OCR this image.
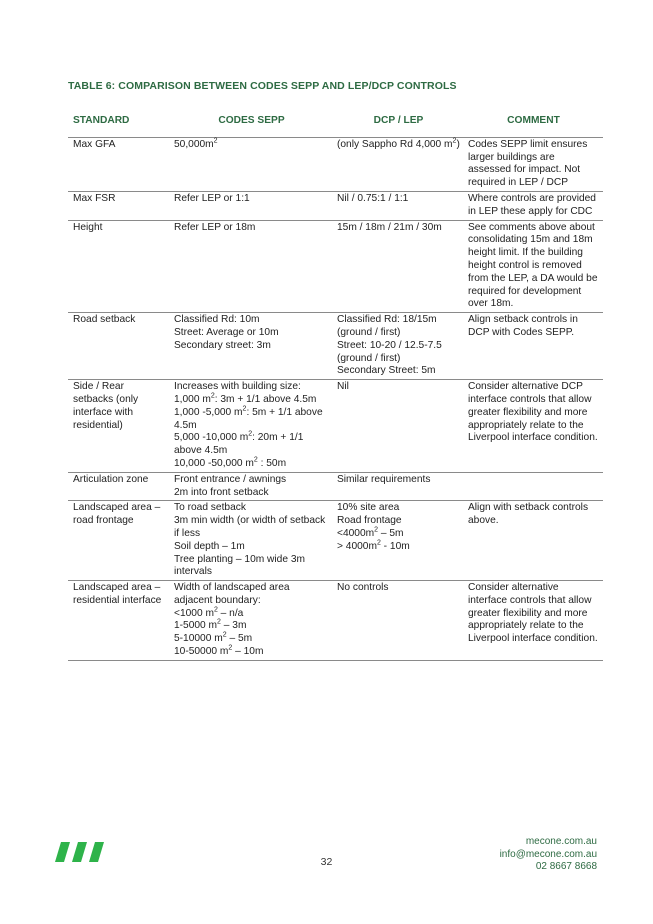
TABLE 6: COMPARISON BETWEEN CODES SEPP AND LEP/DCP CONTROLS
STANDARD	CODES SEPP	DCP / LEP	COMMENT
Max GFA	$50,000m^2$	(only Sappho Rd 4,000 $m^2$)	Codes SEPP limit ensures larger buildings are assessed for impact. Not required in LEP / DCP
Max FSR	Refer LEP or 1:1	Nil / 0.75:1 / 1:1	Where controls are provided in LEP these apply for CDC
Height	Refer LEP or 18m	15m / 18m / 21m / 30m	See comments above about consolidating 15m and 18m height limit. If the building height control is removed from the LEP, a DA would be required for development over 18m.
Road setback	Classified Rd: 10m
Street: Average or 10m
Secondary street: 3m	Classified Rd: 18/15m (ground / first)
Street: 10-20 / 12.5-7.5 (ground / first)
Secondary Street: 5m	Align setback controls in DCP with Codes SEPP.
Side / Rear setbacks (only interface with residential)	Increases with building size:
1,000 $m^2$: 3m + 1/1 above 4.5m
1,000 -5,000 $m^2$: 5m + 1/1 above 4.5m
5,000 -10,000 $m^2$: 20m + 1/1 above 4.5m
10,000 -50,000 $m^2$ : 50m	Nil	Consider alternative DCP interface controls that allow greater flexibility and more appropriately relate to the Liverpool interface condition.
Articulation zone	Front entrance / awnings
2m into front setback	Similar requirements	
Landscaped area – road frontage	To road setback
3m min width (or width of setback if less
Soil depth – 1m
Tree planting – 10m wide 3m intervals	10% site area
Road frontage
$<4000m^2 - 5m$
> $4000m^2 - 10m$	Align with setback controls above.
Landscaped area – residential interface	Width of landscaped area adjacent boundary:
<1000 $m^2 - n/a$
1-5000 $m^2 - 3m$
5-10000 $m^2 - 5m$
10-50000 $m^2 - 10m$	No controls	Consider alternative interface controls that allow greater flexibility and more appropriately relate to the Liverpool interface condition.
32
mecone.com.au
info@mecone.com.au
02 8667 8668
